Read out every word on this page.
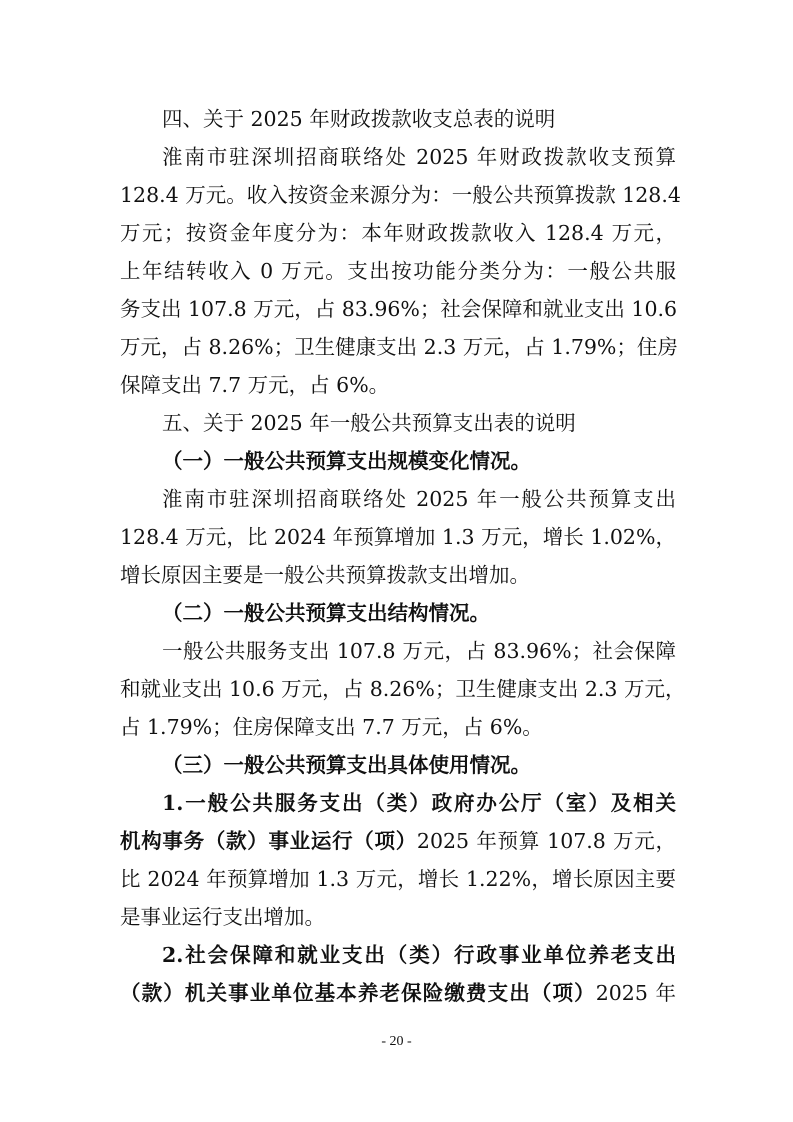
四、关于 2025 年财政拨款收支总表的说明
淮南市驻深圳招商联络处 2025 年财政拨款收支预算
128.4 万元。收入按资金来源分为：一般公共预算拨款 128.4
万元；按资金年度分为：本年财政拨款收入 128.4 万元，
上年结转收入 0 万元。支出按功能分类分为：一般公共服
务支出 107.8 万元，占 83.96%；社会保障和就业支出 10.6
万元，占 8.26%；卫生健康支出 2.3 万元，占 1.79%；住房
保障支出 7.7 万元，占 6%。
五、关于 2025 年一般公共预算支出表的说明
（一）一般公共预算支出规模变化情况。
淮南市驻深圳招商联络处 2025 年一般公共预算支出
128.4 万元，比 2024 年预算增加 1.3 万元，增长 1.02%，
增长原因主要是一般公共预算拨款支出增加。
（二）一般公共预算支出结构情况。
一般公共服务支出 107.8 万元，占 83.96%；社会保障
和就业支出 10.6 万元，占 8.26%；卫生健康支出 2.3 万元，
占 1.79%；住房保障支出 7.7 万元，占 6%。
（三）一般公共预算支出具体使用情况。
1.一般公共服务支出（类）政府办公厅（室）及相关
机构事务（款）事业运行（项）2025 年预算 107.8 万元，
比 2024 年预算增加 1.3 万元，增长 1.22%，增长原因主要
是事业运行支出增加。
2.社会保障和就业支出（类）行政事业单位养老支出
（款）机关事业单位基本养老保险缴费支出（项）2025 年
- 20 -
